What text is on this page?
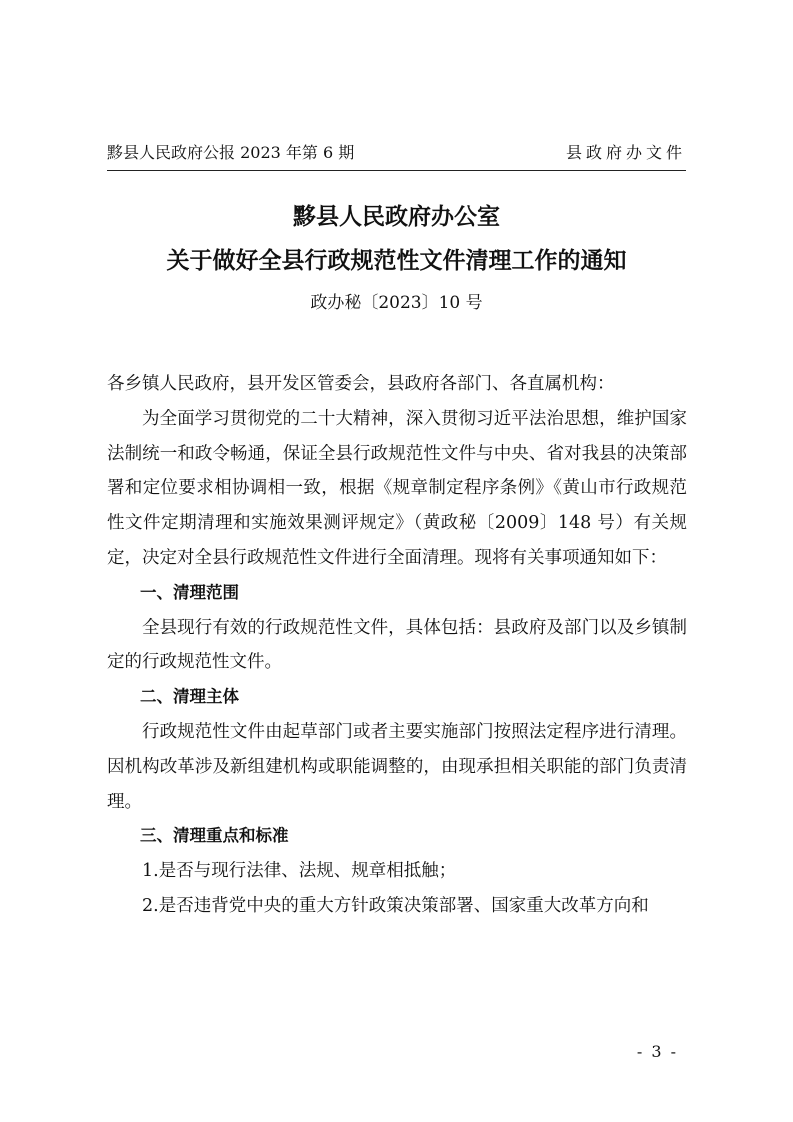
黟县人民政府公报 2023 年第 6 期	县政府办文件
黟县人民政府办公室
关于做好全县行政规范性文件清理工作的通知
政办秘〔2023〕10 号

各乡镇人民政府，县开发区管委会，县政府各部门、各直属机构：

为全面学习贯彻党的二十大精神，深入贯彻习近平法治思想，维护国家法制统一和政令畅通，保证全县行政规范性文件与中央、省对我县的决策部署和定位要求相协调相一致，根据《规章制定程序条例》《黄山市行政规范性文件定期清理和实施效果测评规定》（黄政秘〔2009〕148 号）有关规定，决定对全县行政规范性文件进行全面清理。现将有关事项通知如下：

一、清理范围

全县现行有效的行政规范性文件，具体包括：县政府及部门以及乡镇制定的行政规范性文件。

二、清理主体

行政规范性文件由起草部门或者主要实施部门按照法定程序进行清理。因机构改革涉及新组建机构或职能调整的，由现承担相关职能的部门负责清理。

三、清理重点和标准

1.是否与现行法律、法规、规章相抵触；

2.是否违背党中央的重大方针政策决策部署、国家重大改革方向和

- 3 -
